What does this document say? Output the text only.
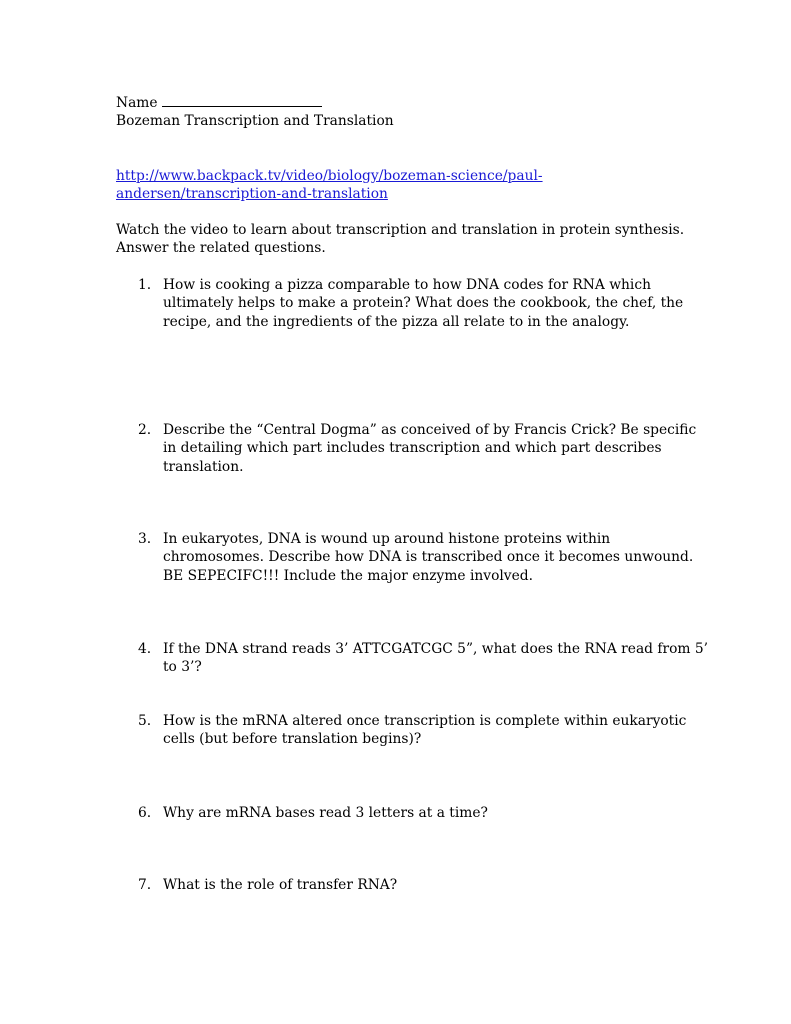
Name
Bozeman Transcription and Translation
http://www.backpack.tv/video/biology/bozeman-science/paul-
andersen/transcription-and-translation
Watch the video to learn about transcription and translation in protein synthesis.
Answer the related questions.
1. How is cooking a pizza comparable to how DNA codes for RNA which
ultimately helps to make a protein? What does the cookbook, the chef, the
recipe, and the ingredients of the pizza all relate to in the analogy.
2. Describe the “Central Dogma” as conceived of by Francis Crick? Be specific
in detailing which part includes transcription and which part describes
translation.
3. In eukaryotes, DNA is wound up around histone proteins within
chromosomes. Describe how DNA is transcribed once it becomes unwound.
BE SEPECIFC!!! Include the major enzyme involved.
4. If the DNA strand reads 3’ ATTCGATCGC 5”, what does the RNA read from 5’
to 3’?
5. How is the mRNA altered once transcription is complete within eukaryotic
cells (but before translation begins)?
6. Why are mRNA bases read 3 letters at a time?
7. What is the role of transfer RNA?
